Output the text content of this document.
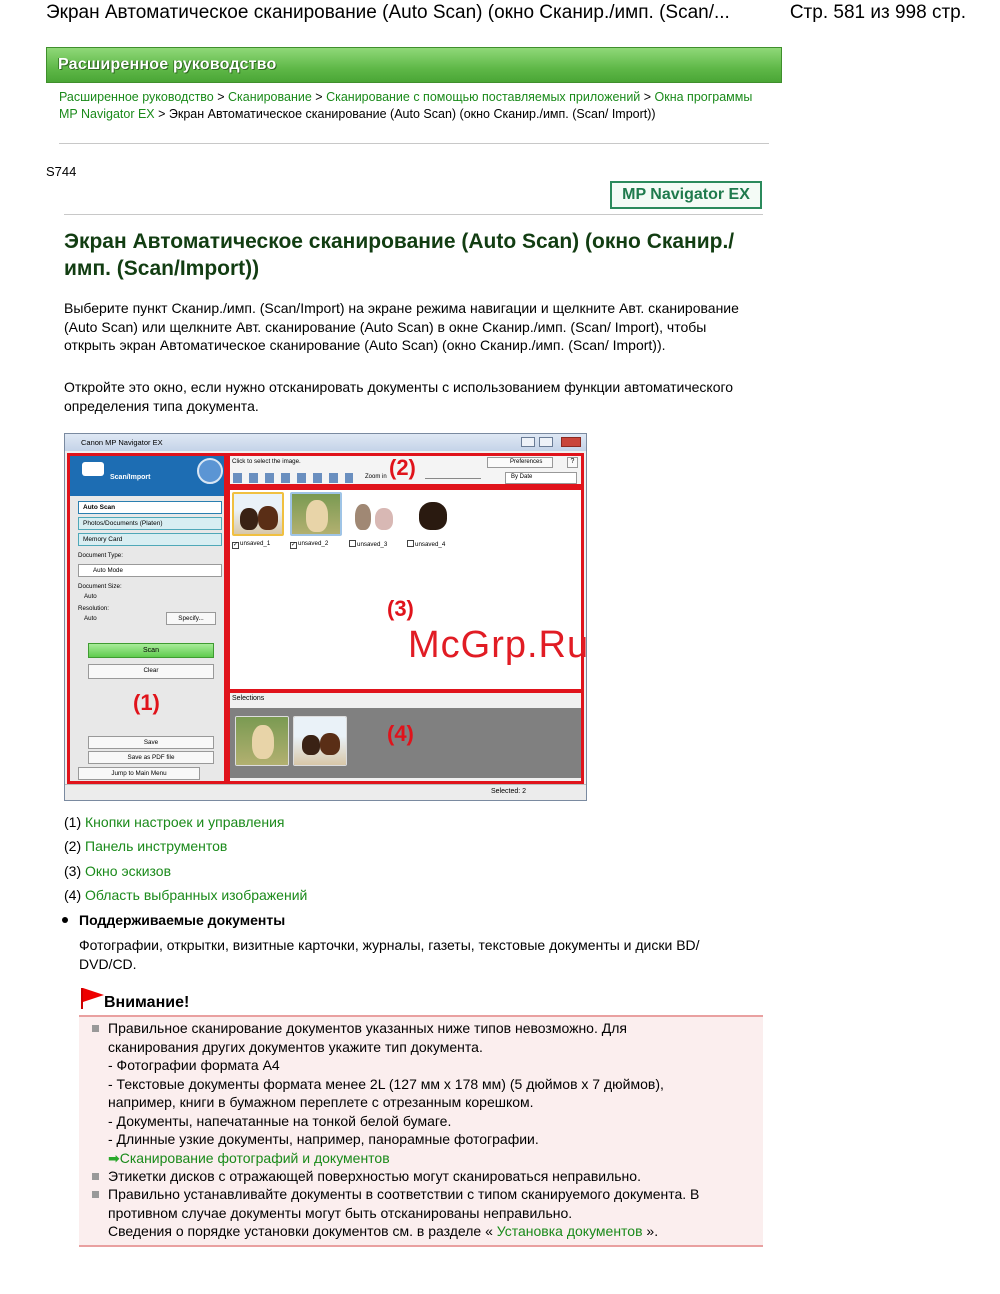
Экран Автоматическое сканирование (Auto Scan) (окно Сканир./имп. (Scan/...	Стр. 581 из 998 стр.
Расширенное руководство
Расширенное руководство > Сканирование > Сканирование с помощью поставляемых приложений > Окна программы MP Navigator EX > Экран Автоматическое сканирование (Auto Scan) (окно Сканир./имп. (Scan/ Import))
S744
MP Navigator EX
Экран Автоматическое сканирование (Auto Scan) (окно Сканир./имп. (Scan/Import))

Выберите пункт Сканир./имп. (Scan/Import) на экране режима навигации и щелкните Авт. сканирование (Auto Scan) или щелкните Авт. сканирование (Auto Scan) в окне Сканир./имп. (Scan/ Import), чтобы открыть экран Автоматическое сканирование (Auto Scan) (окно Сканир./имп. (Scan/ Import)).

Откройте это окно, если нужно отсканировать документы с использованием функции автоматического определения типа документа.

Canon MP Navigator EX
Scan/Import
Auto Scan
Photos/Documents (Platen)
Memory Card
Document Type:
Auto Mode
Document Size:
Auto
Resolution:
Auto	Specify...
Scan
Clear
Save
Save as PDF file
Jump to Main Menu
Click to select the image.	Preferences	?
Zoom in	By Date
✓ unsaved_1	✓ unsaved_2	unsaved_3	unsaved_4
Selections
Selected: 2
(1)
(2)
(3)
(4)
McGrp.Ru
(1) Кнопки настроек и управления
(2) Панель инструментов
(3) Окно эскизов
(4) Область выбранных изображений
Поддерживаемые документы

Фотографии, открытки, визитные карточки, журналы, газеты, текстовые документы и диски BD/ DVD/CD.

Внимание!
Правильное сканирование документов указанных ниже типов невозможно. Для
сканирования других документов укажите тип документа.
- Фотографии формата A4
- Текстовые документы формата менее 2L (127 мм x 178 мм) (5 дюймов x 7 дюймов),
например, книги в бумажном переплете с отрезанным корешком.
- Документы, напечатанные на тонкой белой бумаге.
- Длинные узкие документы, например, панорамные фотографии.
➡Сканирование фотографий и документов
Этикетки дисков с отражающей поверхностью могут сканироваться неправильно.
Правильно устанавливайте документы в соответствии с типом сканируемого документа. В
противном случае документы могут быть отсканированы неправильно.
Сведения о порядке установки документов см. в разделе « Установка документов ».
